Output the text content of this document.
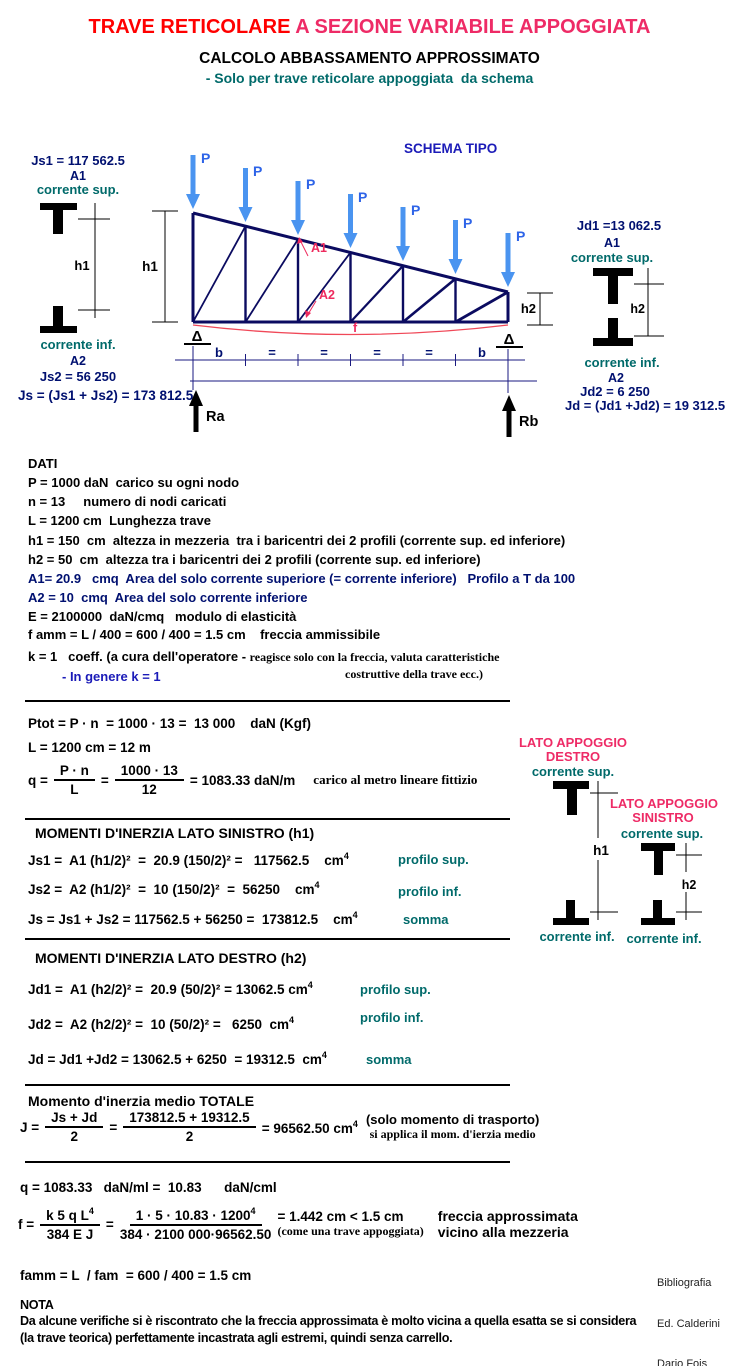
TRAVE RETICOLARE A SEZIONE VARIABILE APPOGGIATA
CALCOLO ABBASSAMENTO APPROSSIMATO
- Solo per trave reticolare appoggiata  da schema
SCHEMA TIPO
Js1 = 117 562.5
A1
corrente sup.
h1
corrente inf.
A2
Js2 = 56 250
Js = (Js1 + Js2) = 173 812.5
P
P
P
P
P
P
P
h1
h2
f
A1
A2
Δ	Δ
b	=	=	=	=	b
Ra	Rb
Jd1 =13 062.5
A1
corrente sup.
h2
corrente inf.
A2
Jd2 = 6 250
Jd = (Jd1 +Jd2) = 19 312.5
DATI
P = 1000 daN  carico su ogni nodo
n = 13     numero di nodi caricati
L = 1200 cm  Lunghezza trave
h1 = 150  cm  altezza in mezzeria  tra i baricentri dei 2 profili (corrente sup. ed inferiore)
h2 = 50  cm  altezza tra i baricentri dei 2 profili (corrente sup. ed inferiore)
A1= 20.9   cmq  Area del solo corrente superiore (= corrente inferiore)   Profilo a T da 100
A2 = 10  cmq  Area del solo corrente inferiore
E = 2100000  daN/cmq   modulo di elasticità
f amm = L / 400 = 600 / 400 = 1.5 cm    freccia ammissibile
k = 1   coeff. (a cura dell'operatore - reagisce solo con la freccia, valuta caratteristiche
- In genere k = 1	costruttive della trave ecc.)
Ptot = P · n  = 1000 · 13 =  13 000    daN (Kgf)
L = 1200 cm = 12 m
$q = \frac{P \cdot n}{L} = \frac{1000 \cdot 13}{12} = 1083.33$ daN/m carico al metro lineare fittizio
MOMENTI D'INERZIA LATO SINISTRO (h1)
Js1 =  A1 (h1/2)²  =  20.9 (150/2)² =   117562.5    $cm^4$	profilo sup.
Js2 =  A2 (h1/2)²  =  10 (150/2)²  =  56250    $cm^4$	profilo inf.
Js = Js1 + Js2 = 117562.5 + 56250 =  173812.5    $cm^4$	somma
LATO APPOGGIO
DESTRO
corrente sup.
h1
LATO APPOGGIO
SINISTRO
corrente sup.
h2
corrente inf. corrente inf.
MOMENTI D'INERZIA LATO DESTRO (h2)
Jd1 =  A1 (h2/2)² =  20.9 (50/2)² = 13062.5 $cm^4$	profilo sup.
Jd2 =  A2 (h2/2)² =  10 (50/2)² =   6250  $cm^4$	profilo inf.
Jd = Jd1 +Jd2 = 13062.5 + 6250  = 19312.5  $cm^4$	somma
Momento d'inerzia medio TOTALE
$J = \frac{Js + Jd}{2} = \frac{173812.5 + 19312.5}{2} = 96562.50$ $cm^4$ (solo momento di trasporto)
si applica il mom. d'ierzia medio
q = 1083.33   daN/ml =  10.83      daN/cml
$f = \frac{k 5 q L^4}{\text{384 E J}} = \frac{1 \cdot 5 \cdot 10.83 \cdot 1200^4}{384 \cdot 2100 000\cdot 96562.50} = 1.442$ cm < 1.5 cm
(come una trave appoggiata)
freccia approssimata
vicino alla mezzeria
famm = L  / fam  = 600 / 400 = 1.5 cm

	Bibliografia

Ed. Calderini

Dario Fois

NOTA
Da alcune verifiche si è riscontrato che la freccia approssimata è molto vicina a quella esatta se si considera
(la trave teorica) perfettamente incastrata agli estremi, quindi senza carrello.
